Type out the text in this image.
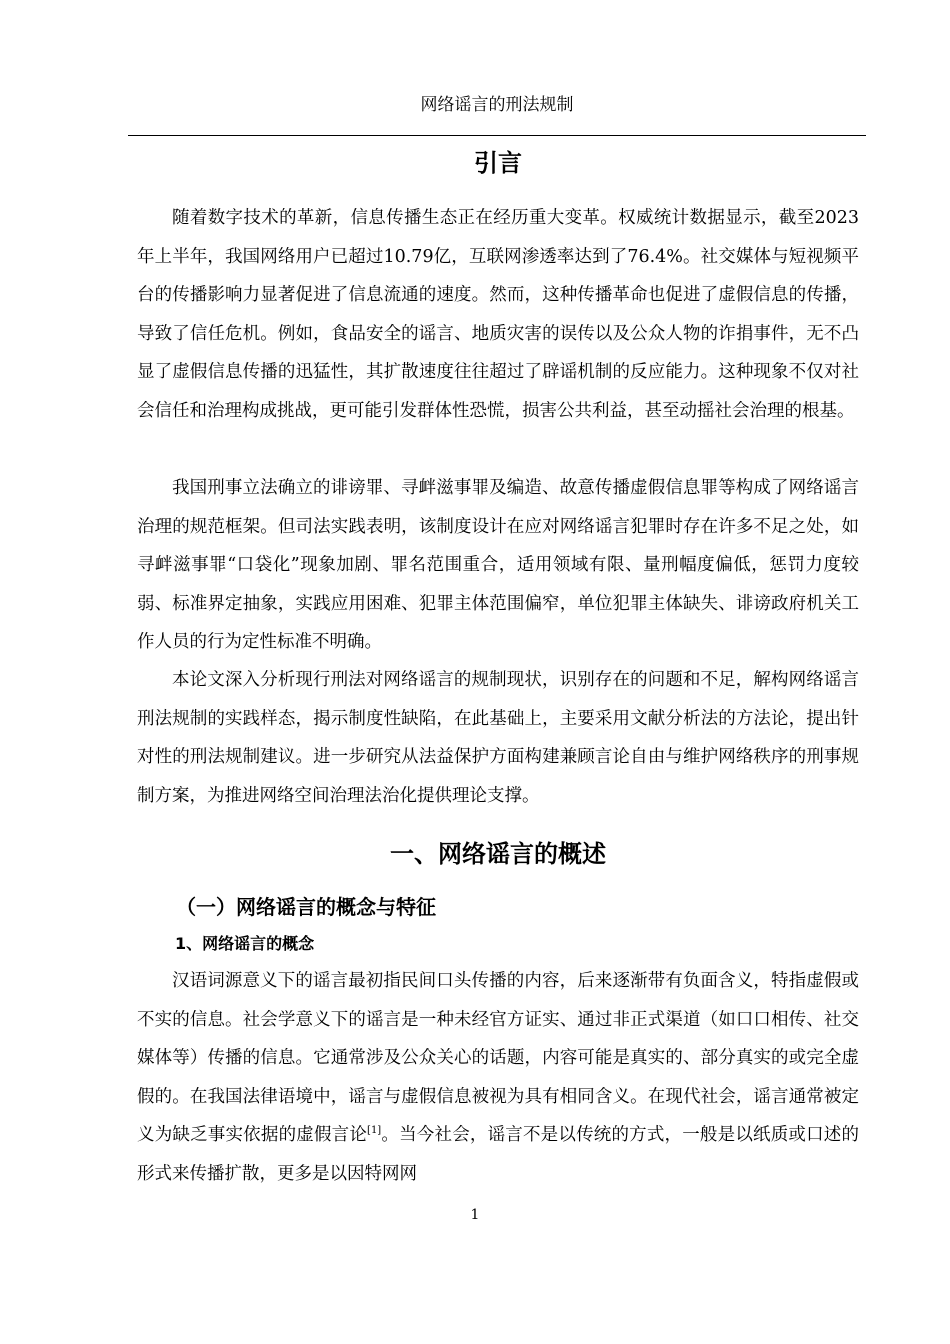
网络谣言的刑法规制
引言

随着数字技术的革新，信息传播生态正在经历重大变革。权威统计数据显示，截至2023年上半年，我国网络用户已超过10.79亿，互联网渗透率达到了76.4%。社交媒体与短视频平台的传播影响力显著促进了信息流通的速度。然而，这种传播革命也促进了虚假信息的传播，导致了信任危机。例如，食品安全的谣言、地质灾害的误传以及公众人物的诈捐事件，无不凸显了虚假信息传播的迅猛性，其扩散速度往往超过了辟谣机制的反应能力。这种现象不仅对社会信任和治理构成挑战，更可能引发群体性恐慌，损害公共利益，甚至动摇社会治理的根基。

我国刑事立法确立的诽谤罪、寻衅滋事罪及编造、故意传播虚假信息罪等构成了网络谣言治理的规范框架。但司法实践表明，该制度设计在应对网络谣言犯罪时存在许多不足之处，如寻衅滋事罪“口袋化”现象加剧、罪名范围重合，适用领域有限、量刑幅度偏低，惩罚力度较弱、标准界定抽象，实践应用困难、犯罪主体范围偏窄，单位犯罪主体缺失、诽谤政府机关工作人员的行为定性标准不明确。

本论文深入分析现行刑法对网络谣言的规制现状，识别存在的问题和不足，解构网络谣言刑法规制的实践样态，揭示制度性缺陷，在此基础上，主要采用文献分析法的方法论，提出针对性的刑法规制建议。进一步研究从法益保护方面构建兼顾言论自由与维护网络秩序的刑事规制方案，为推进网络空间治理法治化提供理论支撑。

一、网络谣言的概述
（一）网络谣言的概念与特征
1、网络谣言的概念

汉语词源意义下的谣言最初指民间口头传播的内容，后来逐渐带有负面含义，特指虚假或不实的信息。社会学意义下的谣言是一种未经官方证实、通过非正式渠道（如口口相传、社交媒体等）传播的信息。它通常涉及公众关心的话题，内容可能是真实的、部分真实的或完全虚假的。在我国法律语境中，谣言与虚假信息被视为具有相同含义。在现代社会，谣言通常被定义为缺乏事实依据的虚假言论[1]。当今社会，谣言不是以传统的方式，一般是以纸质或口述的形式来传播扩散，更多是以因特网网

1
